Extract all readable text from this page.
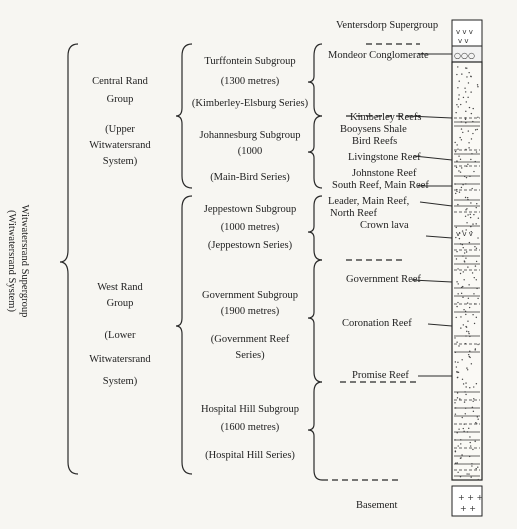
v v v
v v
○○○
v v v
+ + +
+ +
Witwatersrand Supergroup
(Witwatersrand System)
Central Rand
Group
(Upper
Witwatersrand
System)
West Rand
Group
(Lower
Witwatersrand
System)
Turffontein Subgroup
(1300 metres)
(Kimberley-Elsburg Series)
Johannesburg Subgroup
(1000
(Main-Bird Series)
Jeppestown Subgroup
(1000 metres)
(Jeppestown Series)
Government Subgroup
(1900 metres)
(Government Reef
Series)
Hospital Hill Subgroup
(1600 metres)
(Hospital Hill Series)
Ventersdorp Supergroup
Basement
Mondeor Conglomerate
Kimberley Reefs
Booysens Shale
Bird Reefs
Livingstone Reef
Johnstone Reef
South Reef, Main Reef
Leader, Main Reef,
North Reef
Crown lava
Government Reef
Coronation Reef
Promise Reef
